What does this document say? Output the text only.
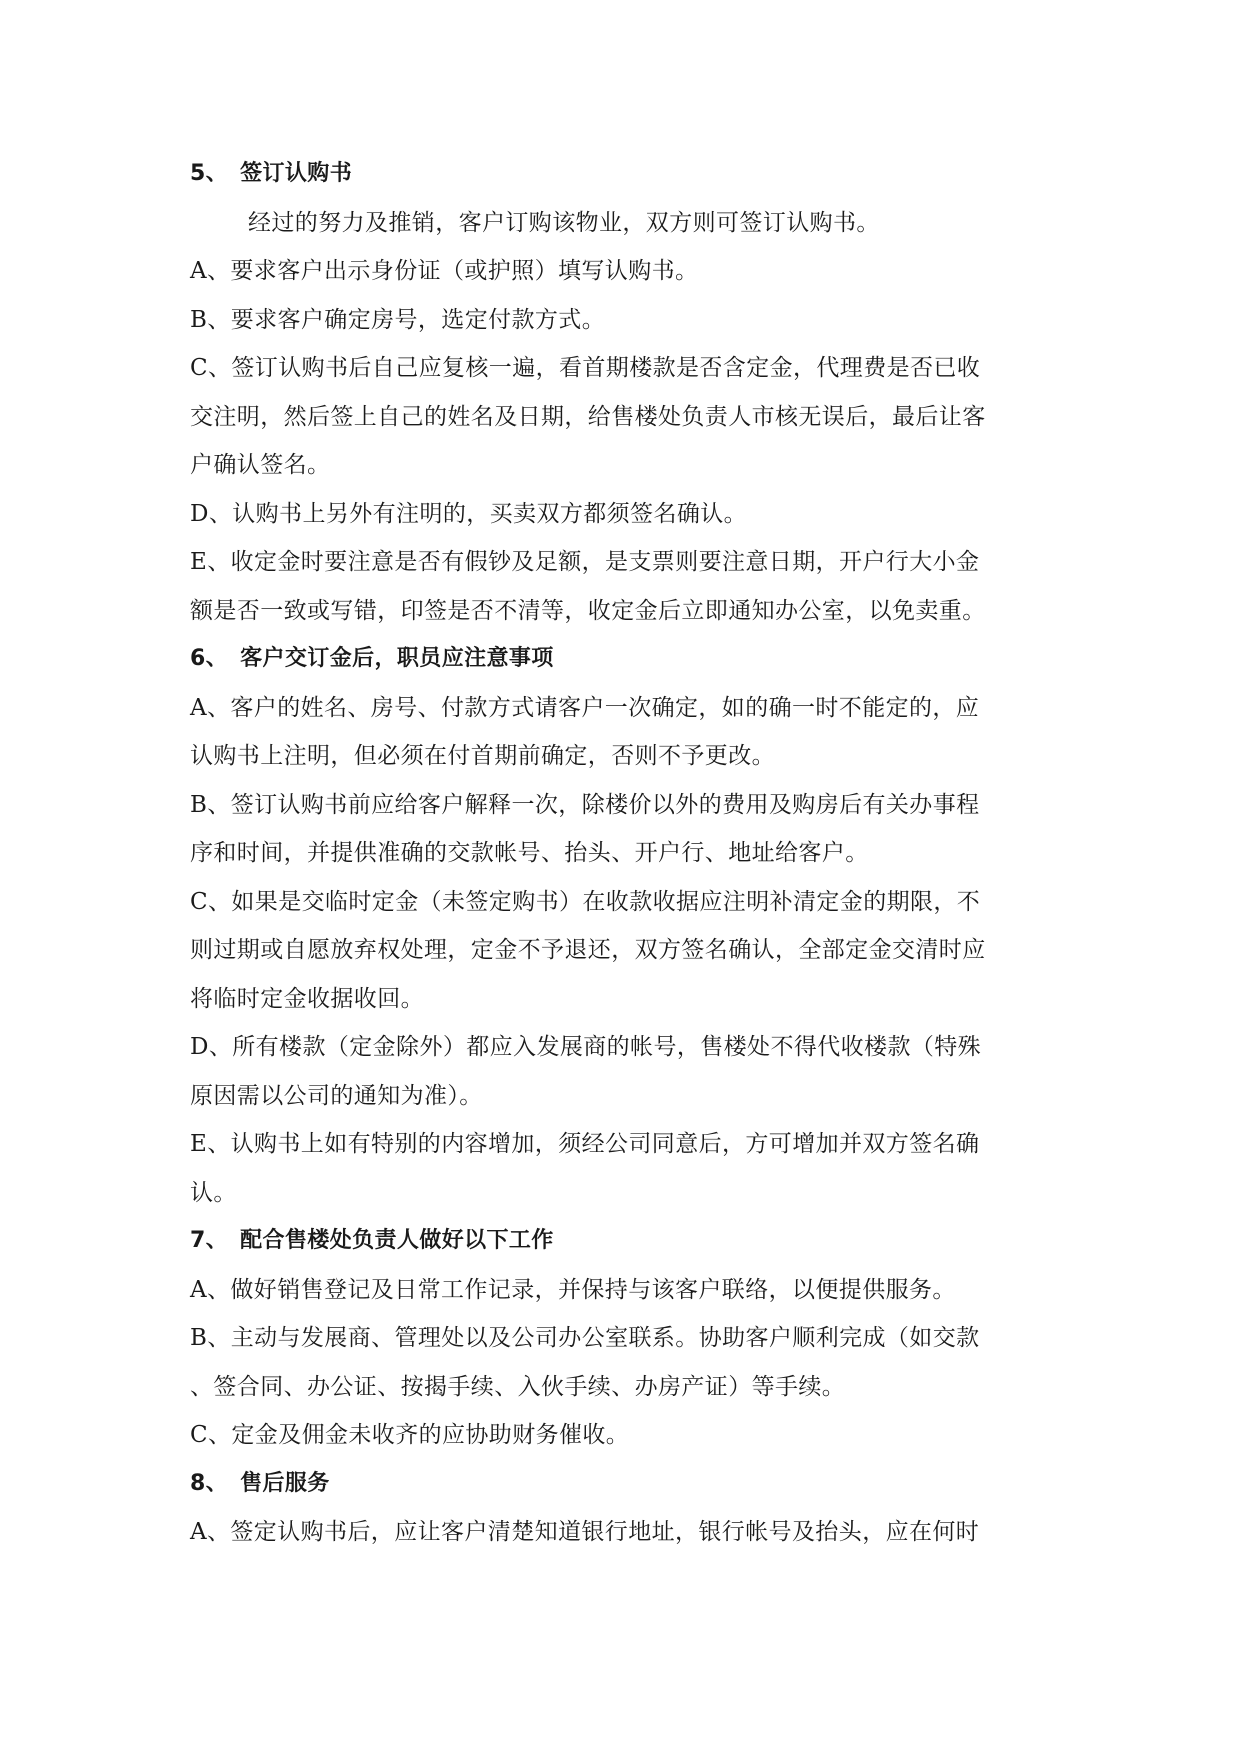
5、 签订认购书
经过的努力及推销，客户订购该物业，双方则可签订认购书。
A、要求客户出示身份证（或护照）填写认购书。
B、要求客户确定房号，选定付款方式。
C、签订认购书后自己应复核一遍，看首期楼款是否含定金，代理费是否已收
交注明，然后签上自己的姓名及日期，给售楼处负责人市核无误后，最后让客
户确认签名。
D、认购书上另外有注明的，买卖双方都须签名确认。
E、收定金时要注意是否有假钞及足额，是支票则要注意日期，开户行大小金
额是否一致或写错，印签是否不清等，收定金后立即通知办公室，以免卖重。
6、 客户交订金后，职员应注意事项
A、客户的姓名、房号、付款方式请客户一次确定，如的确一时不能定的，应
认购书上注明，但必须在付首期前确定，否则不予更改。
B、签订认购书前应给客户解释一次，除楼价以外的费用及购房后有关办事程
序和时间，并提供准确的交款帐号、抬头、开户行、地址给客户。
C、如果是交临时定金（未签定购书）在收款收据应注明补清定金的期限，不
则过期或自愿放弃权处理，定金不予退还，双方签名确认，全部定金交清时应
将临时定金收据收回。
D、所有楼款（定金除外）都应入发展商的帐号，售楼处不得代收楼款（特殊
原因需以公司的通知为准）。
E、认购书上如有特别的内容增加，须经公司同意后，方可增加并双方签名确
认。
7、 配合售楼处负责人做好以下工作
A、做好销售登记及日常工作记录，并保持与该客户联络，以便提供服务。
B、主动与发展商、管理处以及公司办公室联系。协助客户顺利完成（如交款
、签合同、办公证、按揭手续、入伙手续、办房产证）等手续。
C、定金及佣金未收齐的应协助财务催收。
8、 售后服务
A、签定认购书后，应让客户清楚知道银行地址，银行帐号及抬头，应在何时
